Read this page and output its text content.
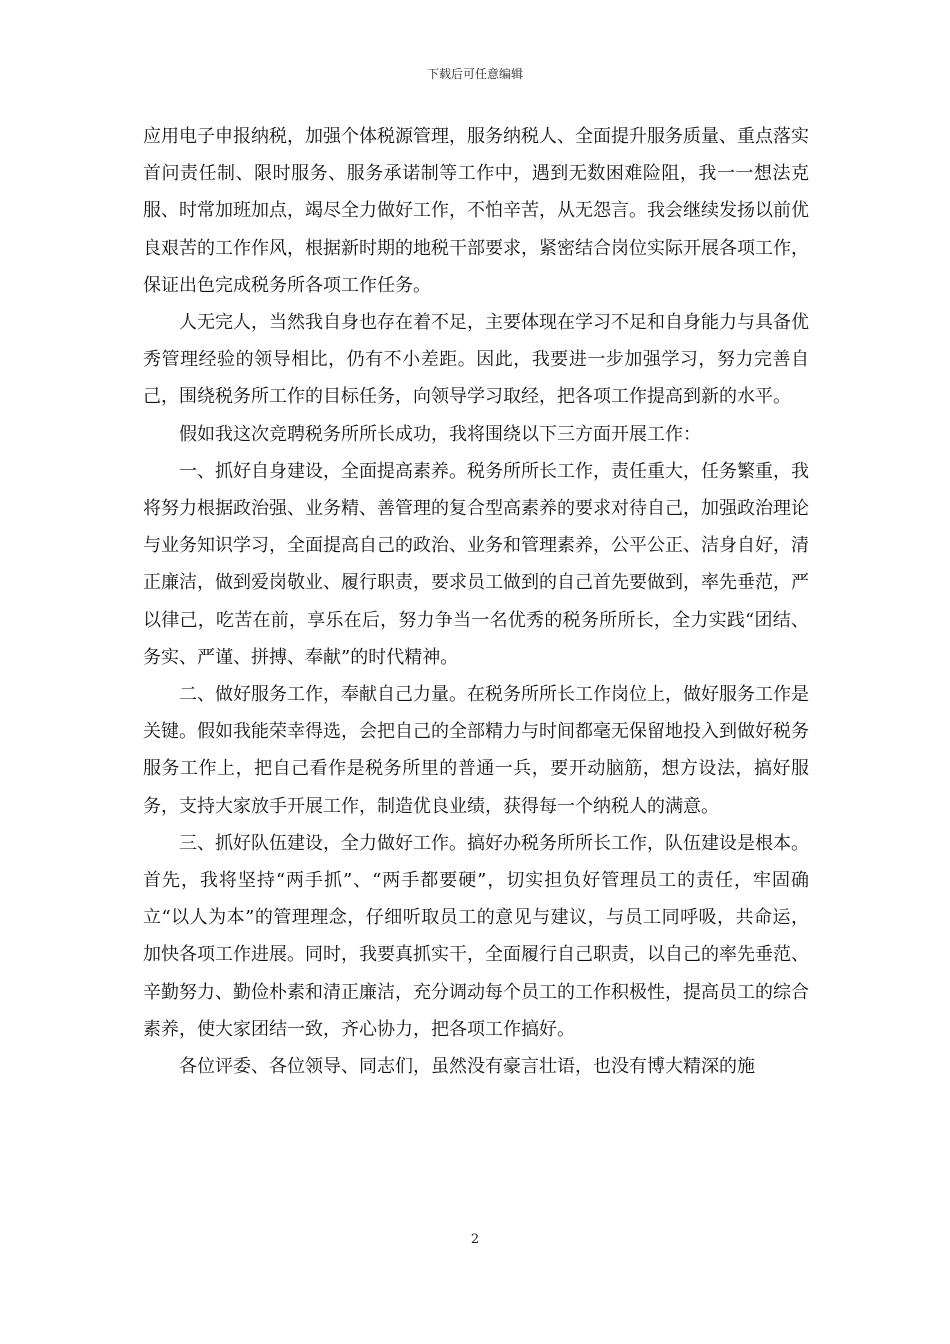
下载后可任意编辑

应用电子申报纳税，加强个体税源管理，服务纳税人、全面提升服务质量、重点落实首问责任制、限时服务、服务承诺制等工作中，遇到无数困难险阻，我一一想法克服、时常加班加点，竭尽全力做好工作，不怕辛苦，从无怨言。我会继续发扬以前优良艰苦的工作作风，根据新时期的地税干部要求，紧密结合岗位实际开展各项工作，保证出色完成税务所各项工作任务。

人无完人，当然我自身也存在着不足，主要体现在学习不足和自身能力与具备优秀管理经验的领导相比，仍有不小差距。因此，我要进一步加强学习，努力完善自己，围绕税务所工作的目标任务，向领导学习取经，把各项工作提高到新的水平。

假如我这次竞聘税务所所长成功，我将围绕以下三方面开展工作：

一、抓好自身建设，全面提高素养。税务所所长工作，责任重大，任务繁重，我将努力根据政治强、业务精、善管理的复合型高素养的要求对待自己，加强政治理论与业务知识学习，全面提高自己的政治、业务和管理素养，公平公正、洁身自好，清正廉洁，做到爱岗敬业、履行职责，要求员工做到的自己首先要做到，率先垂范，严以律己，吃苦在前，享乐在后，努力争当一名优秀的税务所所长，全力实践“团结、务实、严谨、拼搏、奉献”的时代精神。

二、做好服务工作，奉献自己力量。在税务所所长工作岗位上，做好服务工作是关键。假如我能荣幸得选，会把自己的全部精力与时间都毫无保留地投入到做好税务服务工作上，把自己看作是税务所里的普通一兵，要开动脑筋，想方设法，搞好服务，支持大家放手开展工作，制造优良业绩，获得每一个纳税人的满意。

三、抓好队伍建设，全力做好工作。搞好办税务所所长工作，队伍建设是根本。首先，我将坚持“两手抓”、“两手都要硬”，切实担负好管理员工的责任，牢固确立“以人为本”的管理理念，仔细听取员工的意见与建议，与员工同呼吸，共命运，加快各项工作进展。同时，我要真抓实干，全面履行自己职责，以自己的率先垂范、辛勤努力、勤俭朴素和清正廉洁，充分调动每个员工的工作积极性，提高员工的综合素养，使大家团结一致，齐心协力，把各项工作搞好。

各位评委、各位领导、同志们，虽然没有豪言壮语，也没有博大精深的施

2
